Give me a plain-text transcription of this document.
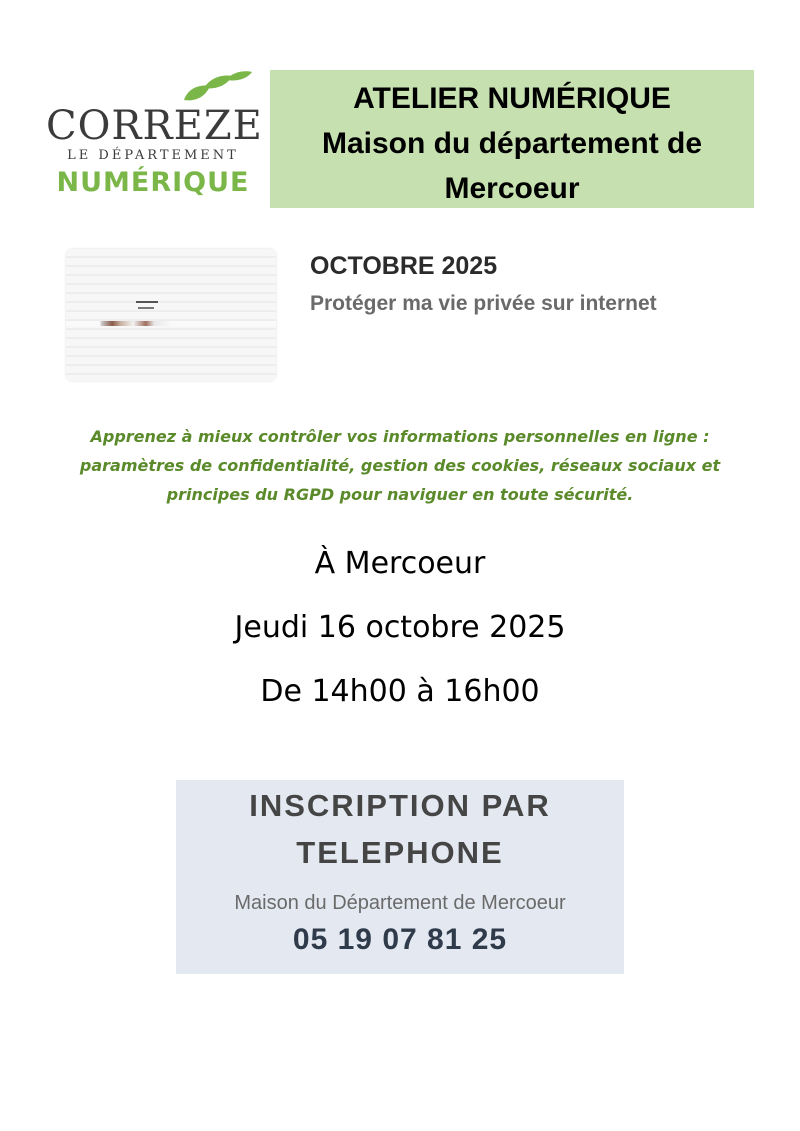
CORREZE
LE DÉPARTEMENT
NUMÉRIQUE
ATELIER NUMÉRIQUE
Maison du département de
Mercoeur
OCTOBRE 2025
Protéger ma vie privée sur internet
Apprenez à mieux contrôler vos informations personnelles en ligne :
paramètres de confidentialité, gestion des cookies, réseaux sociaux et
principes du RGPD pour naviguer en toute sécurité.
À Mercoeur
Jeudi 16 octobre 2025
De 14h00 à 16h00
INSCRIPTION PAR
TELEPHONE
Maison du Département de Mercoeur
05 19 07 81 25
